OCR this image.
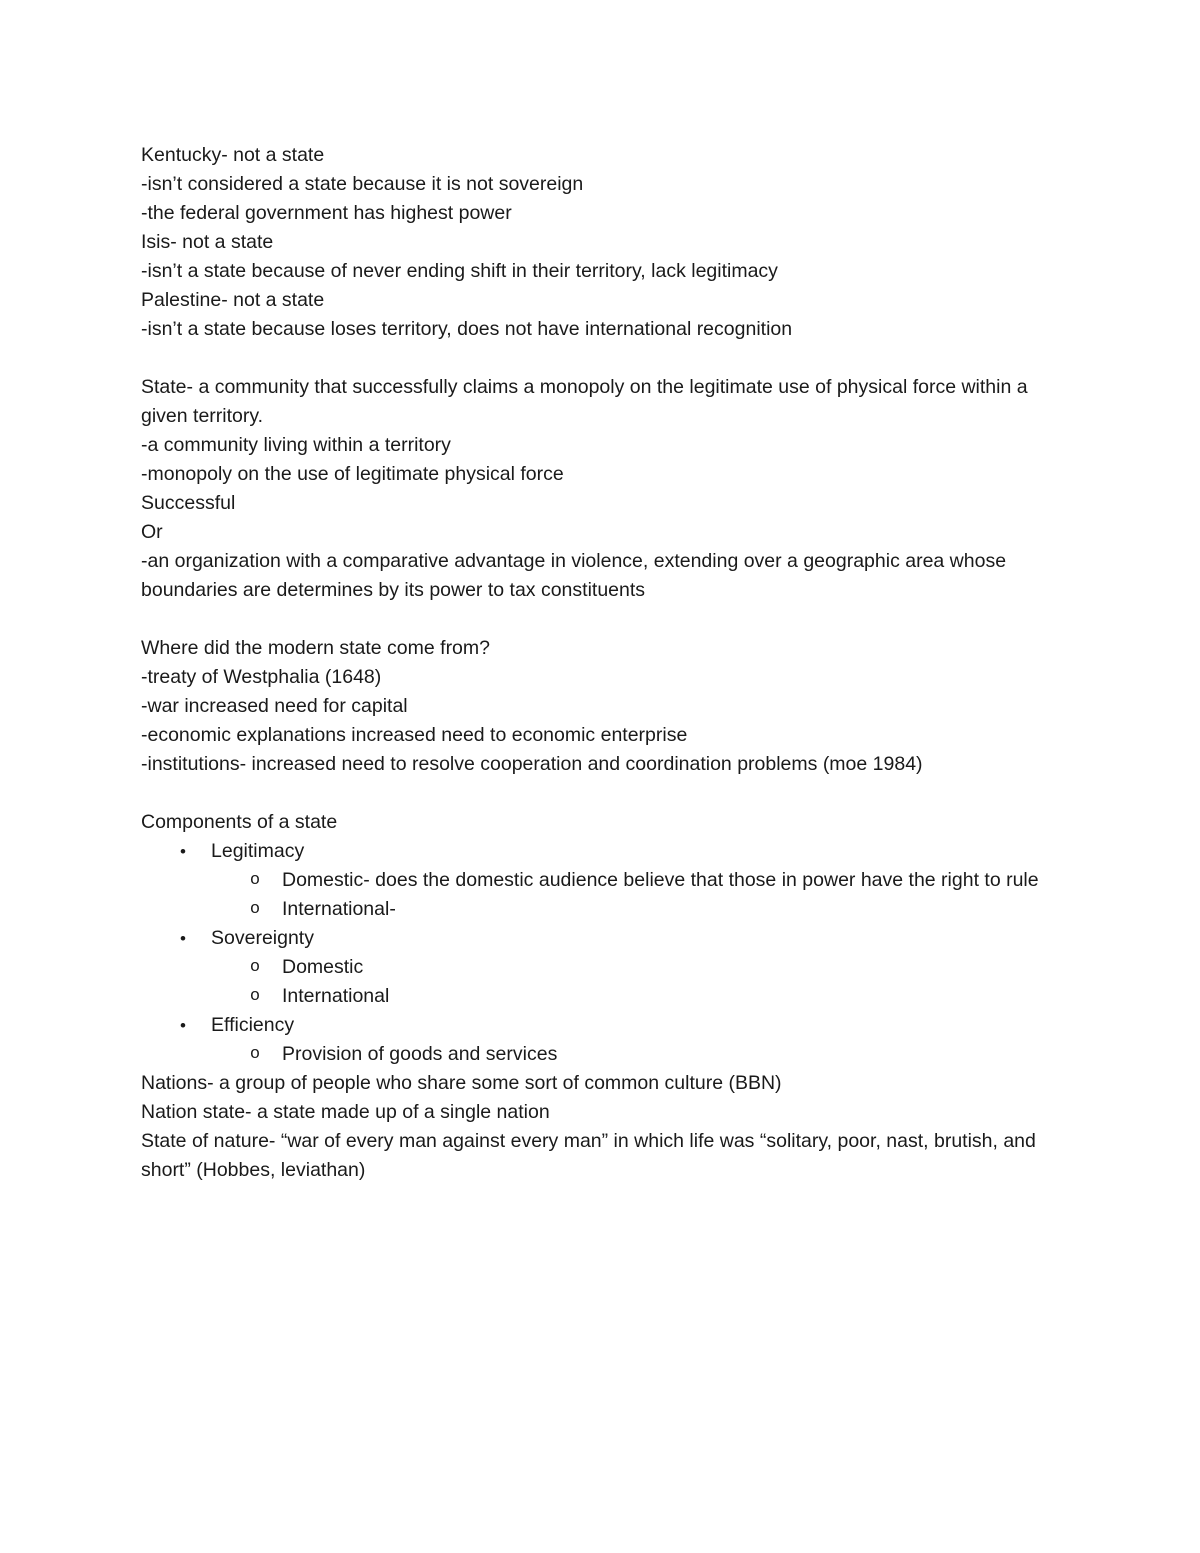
Kentucky- not a state

-isn’t considered a state because it is not sovereign

-the federal government has highest power

Isis- not a state

-isn’t a state because of never ending shift in their territory, lack legitimacy

Palestine- not a state

-isn’t a state because loses territory, does not have international recognition

State- a community that successfully claims a monopoly on the legitimate use of physical force within a given territory.

-a community living within a territory

-monopoly on the use of legitimate physical force

Successful

Or

-an organization with a comparative advantage in violence, extending over a geographic area whose boundaries are determines by its power to tax constituents

Where did the modern state come from?

-treaty of Westphalia (1648)

-war increased need for capital

-economic explanations increased need to economic enterprise

-institutions- increased need to resolve cooperation and coordination problems (moe 1984)

Components of a state

•	Legitimacy
o Domestic- does the domestic audience believe that those in power have the right to rule
o International-
•	Sovereignty
o Domestic
o International
•	Efficiency
o Provision of goods and services

Nations- a group of people who share some sort of common culture (BBN)

Nation state- a state made up of a single nation

State of nature- “war of every man against every man” in which life was “solitary, poor, nast, brutish, and short” (Hobbes, leviathan)
